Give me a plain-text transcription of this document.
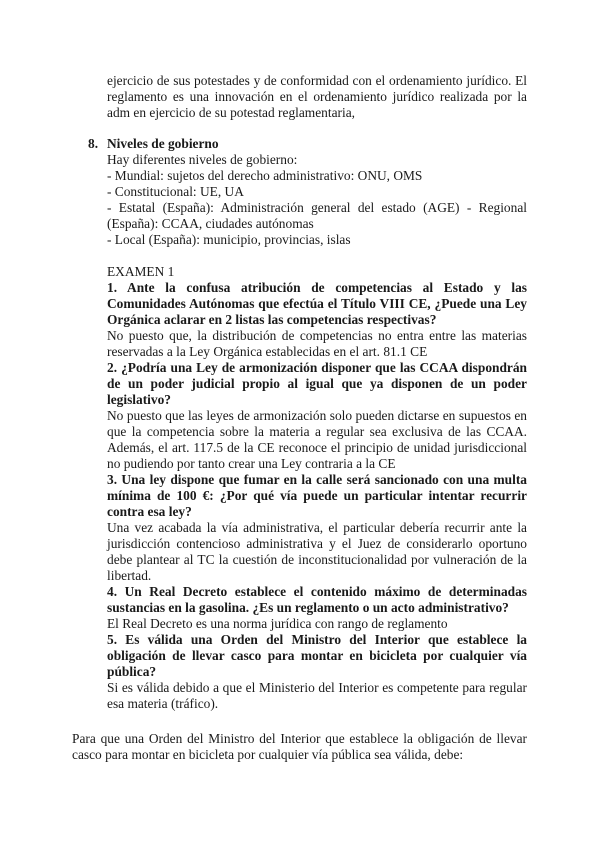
ejercicio de sus potestades y de conformidad con el ordenamiento jurídico. El reglamento es una innovación en el ordenamiento jurídico realizada por la adm en ejercicio de su potestad reglamentaria,

8. Niveles de gobierno

Hay diferentes niveles de gobierno:

- Mundial: sujetos del derecho administrativo: ONU, OMS

- Constitucional: UE, UA

- Estatal (España): Administración general del estado (AGE) - Regional (España): CCAA, ciudades autónomas

- Local (España): municipio, provincias, islas

EXAMEN 1

1. Ante la confusa atribución de competencias al Estado y las Comunidades Autónomas que efectúa el Título VIII CE, ¿Puede una Ley Orgánica aclarar en 2 listas las competencias respectivas?

No puesto que, la distribución de competencias no entra entre las materias reservadas a la Ley Orgánica establecidas en el art. 81.1 CE

2. ¿Podría una Ley de armonización disponer que las CCAA dispondrán de un poder judicial propio al igual que ya disponen de un poder legislativo?

No puesto que las leyes de armonización solo pueden dictarse en supuestos en que la competencia sobre la materia a regular sea exclusiva de las CCAA. Además, el art. 117.5 de la CE reconoce el principio de unidad jurisdiccional no pudiendo por tanto crear una Ley contraria a la CE

3. Una ley dispone que fumar en la calle será sancionado con una multa mínima de 100 €: ¿Por qué vía puede un particular intentar recurrir contra esa ley?

Una vez acabada la vía administrativa, el particular debería recurrir ante la jurisdicción contencioso administrativa y el Juez de considerarlo oportuno debe plantear al TC la cuestión de inconstitucionalidad por vulneración de la libertad.

4. Un Real Decreto establece el contenido máximo de determinadas sustancias en la gasolina. ¿Es un reglamento o un acto administrativo?

El Real Decreto es una norma jurídica con rango de reglamento

5. Es válida una Orden del Ministro del Interior que establece la obligación de llevar casco para montar en bicicleta por cualquier vía pública?

Si es válida debido a que el Ministerio del Interior es competente para regular esa materia (tráfico).

Para que una Orden del Ministro del Interior que establece la obligación de llevar casco para montar en bicicleta por cualquier vía pública sea válida, debe:
